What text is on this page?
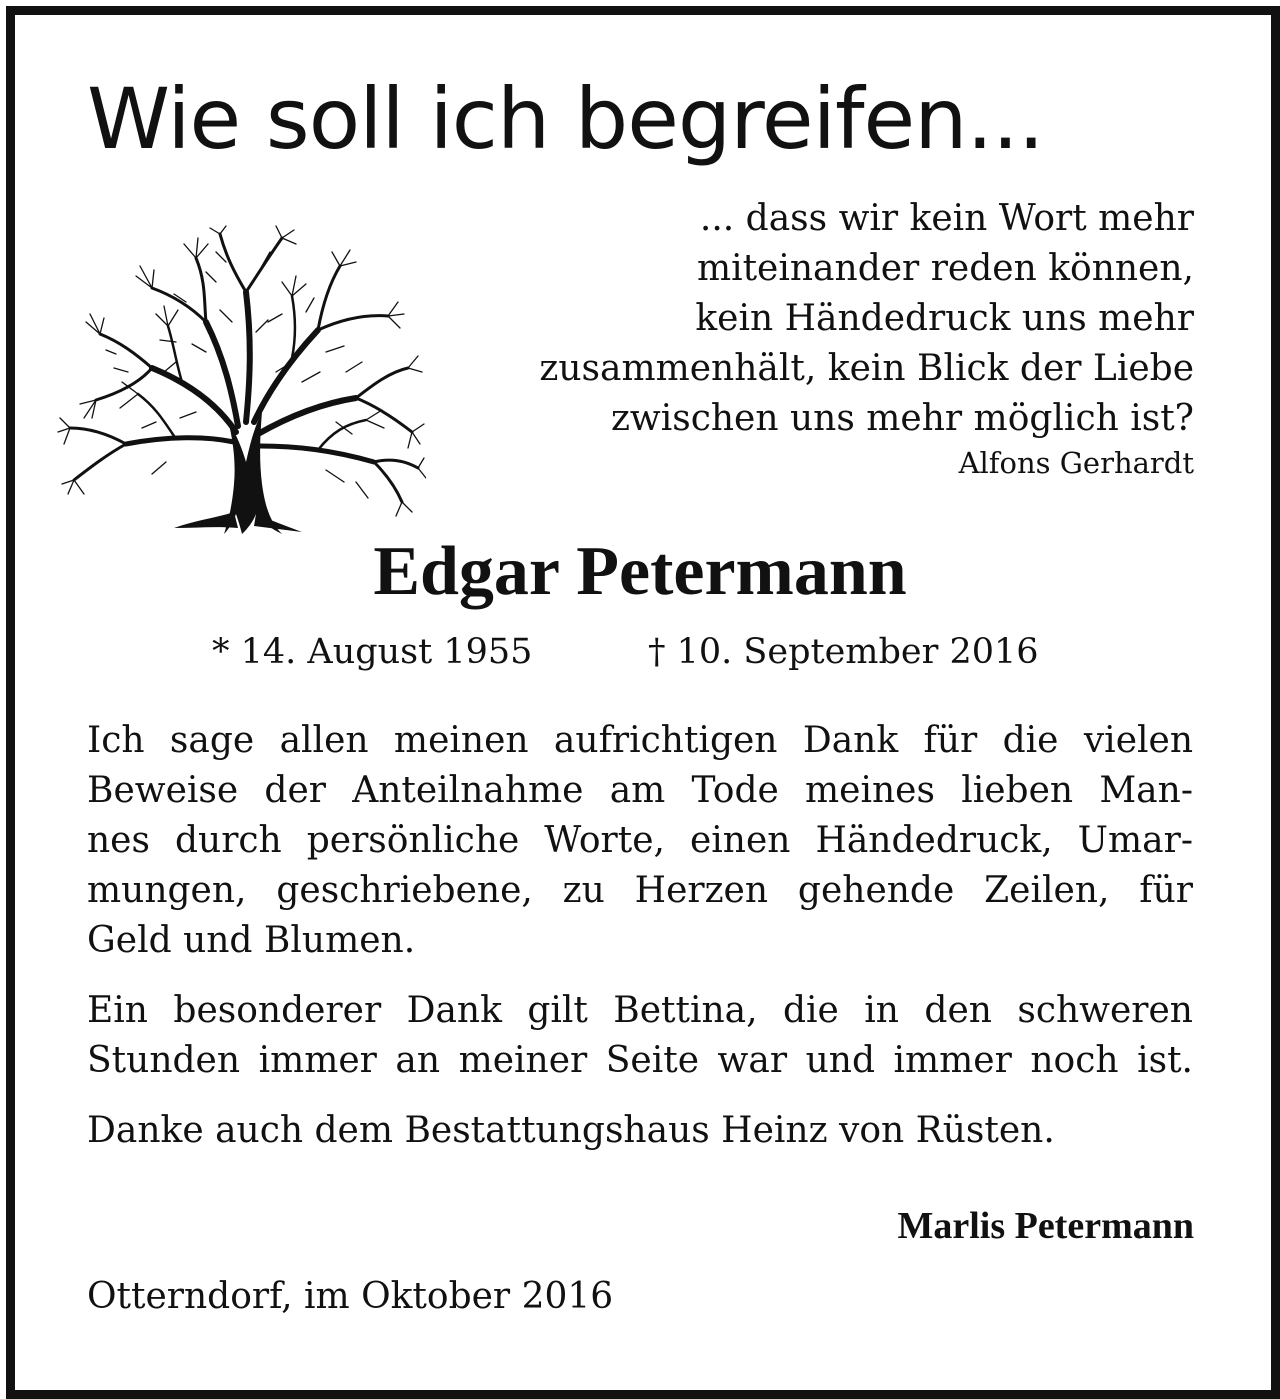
Wie soll ich begreifen...
... dass wir kein Wort mehr
miteinander reden können,
kein Händedruck uns mehr
zusammenhält, kein Blick der Liebe
zwischen uns mehr möglich ist?
Alfons Gerhardt
Edgar Petermann
* 14. August 1955	† 10. September 2016
Ich sage allen meinen aufrichtigen Dank für die vielen
Beweise der Anteilnahme am Tode meines lieben Man-
nes durch persönliche Worte, einen Händedruck, Umar-
mungen, geschriebene, zu Herzen gehende Zeilen, für
Geld und Blumen.
Ein besonderer Dank gilt Bettina, die in den schweren
Stunden immer an meiner Seite war und immer noch ist.
Danke auch dem Bestattungshaus Heinz von Rüsten.
Marlis Petermann
Otterndorf, im Oktober 2016
